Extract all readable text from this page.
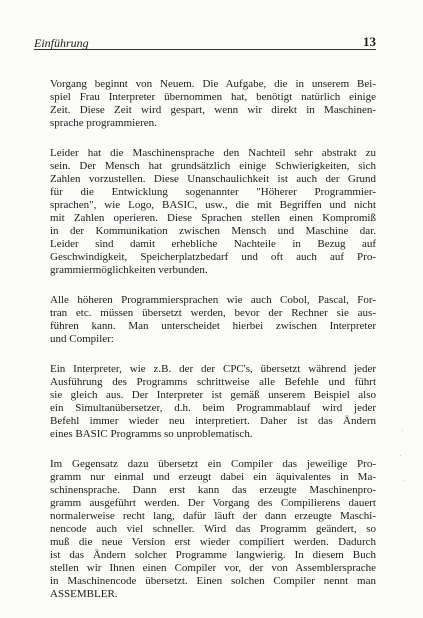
Einführung	13
Vorgang beginnt von Neuem. Die Aufgabe, die in unserem Bei-
spiel Frau Interpreter übernommen hat, benötigt natürlich einige
Zeit. Diese Zeit wird gespart, wenn wir direkt in Maschinen-
sprache programmieren.
Leider hat die Maschinensprache den Nachteil sehr abstrakt zu
sein. Der Mensch hat grundsätzlich einige Schwierigkeiten, sich
Zahlen vorzustellen. Diese Unanschaulichkeit ist auch der Grund
für die Entwicklung sogenannter "Höherer Programmier-
sprachen", wie Logo, BASIC, usw., die mit Begriffen und nicht
mit Zahlen operieren. Diese Sprachen stellen einen Kompromiß
in der Kommunikation zwischen Mensch und Maschine dar.
Leider sind damit erhebliche Nachteile in Bezug auf
Geschwindigkeit, Speicherplatzbedarf und oft auch auf Pro-
grammiermöglichkeiten verbunden.
Alle höheren Programmiersprachen wie auch Cobol, Pascal, For-
tran etc. müssen übersetzt werden, bevor der Rechner sie aus-
führen kann. Man unterscheidet hierbei zwischen Interpreter
und Compiler:
Ein Interpreter, wie z.B. der der CPC's, übersetzt während jeder
Ausführung des Programms schrittweise alle Befehle und führt
sie gleich aus. Der Interpreter ist gemäß unserem Beispiel also
ein Simultanübersetzer, d.h. beim Programmablauf wird jeder
Befehl immer wieder neu interpretiert. Daher ist das Ändern
eines BASIC Programms so unproblematisch.
Im Gegensatz dazu übersetzt ein Compiler das jeweilige Pro-
gramm nur einmal und erzeugt dabei ein äquivalentes in Ma-
schinensprache. Dann erst kann das erzeugte Maschinenpro-
gramm ausgeführt werden. Der Vorgang des Compilierens dauert
normalerweise recht lang, dafür läuft der dann erzeugte Maschi-
nencode auch viel schneller. Wird das Programm geändert, so
muß die neue Version erst wieder compiliert werden. Dadurch
ist das Ändern solcher Programme langwierig. In diesem Buch
stellen wir Ihnen einen Compiler vor, der von Assemblersprache
in Maschinencode übersetzt. Einen solchen Compiler nennt man
ASSEMBLER.
